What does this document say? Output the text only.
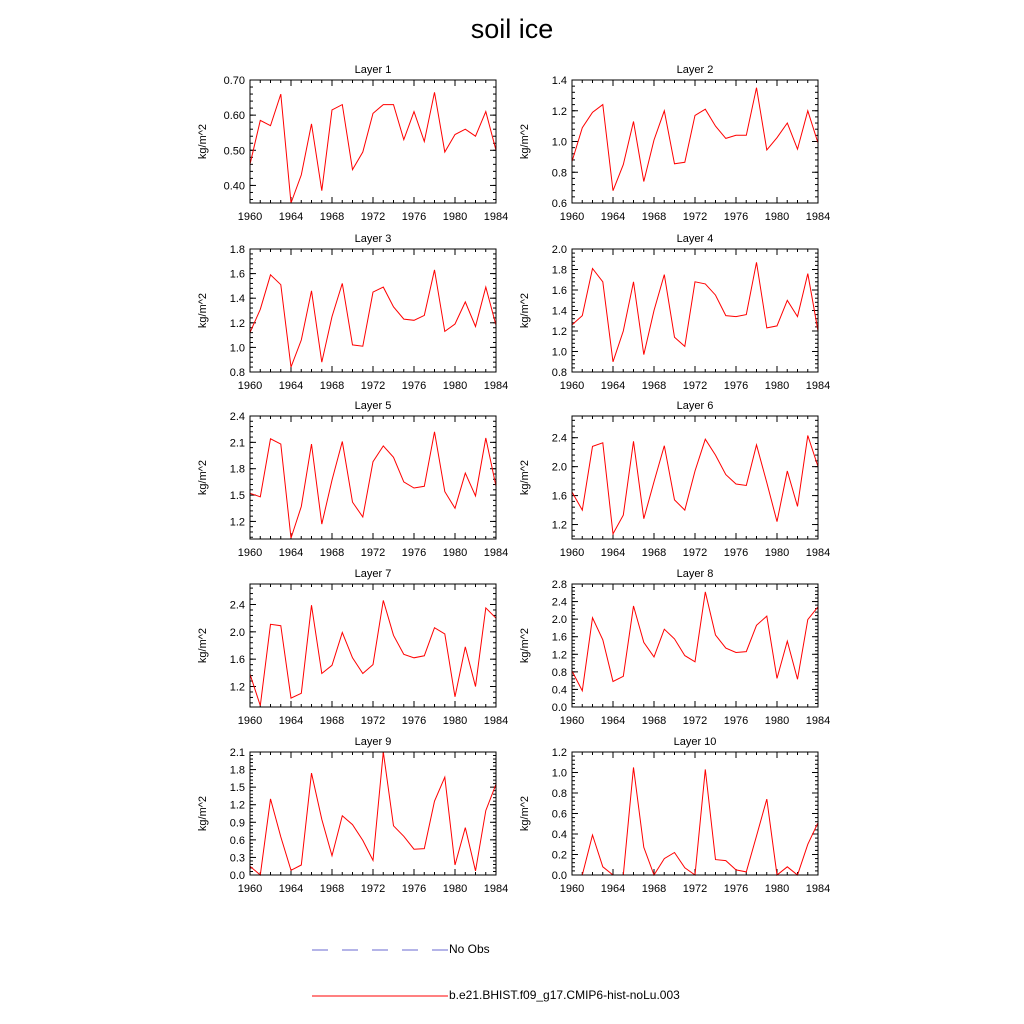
soil ice
Layer 1
kg/m^2
1960 1964 1968 1972 1976 1980 1984
0.40
0.50
0.60
0.70
Layer 2
kg/m^2
1960 1964 1968 1972 1976 1980 1984
0.6
0.8
1.0
1.2
1.4
Layer 3
kg/m^2
1960 1964 1968 1972 1976 1980 1984
0.8
1.0
1.2
1.4
1.6
1.8
Layer 4
kg/m^2
1960 1964 1968 1972 1976 1980 1984
0.8
1.0
1.2
1.4
1.6
1.8
2.0
Layer 5
kg/m^2
1960 1964 1968 1972 1976 1980 1984
1.2
1.5
1.8
2.1
2.4
Layer 6
kg/m^2
1960 1964 1968 1972 1976 1980 1984
1.2
1.6
2.0
2.4
Layer 7
kg/m^2
1960 1964 1968 1972 1976 1980 1984
1.2
1.6
2.0
2.4
Layer 8
kg/m^2
1960 1964 1968 1972 1976 1980 1984
0.0
0.4
0.8
1.2
1.6
2.0
2.4
2.8
Layer 9
kg/m^2
1960 1964 1968 1972 1976 1980 1984
0.0
0.3
0.6
0.9
1.2
1.5
1.8
2.1
Layer 10
kg/m^2
1960 1964 1968 1972 1976 1980 1984
0.0
0.2
0.4
0.6
0.8
1.0
1.2
No Obs
b.e21.BHIST.f09_g17.CMIP6-hist-noLu.003
